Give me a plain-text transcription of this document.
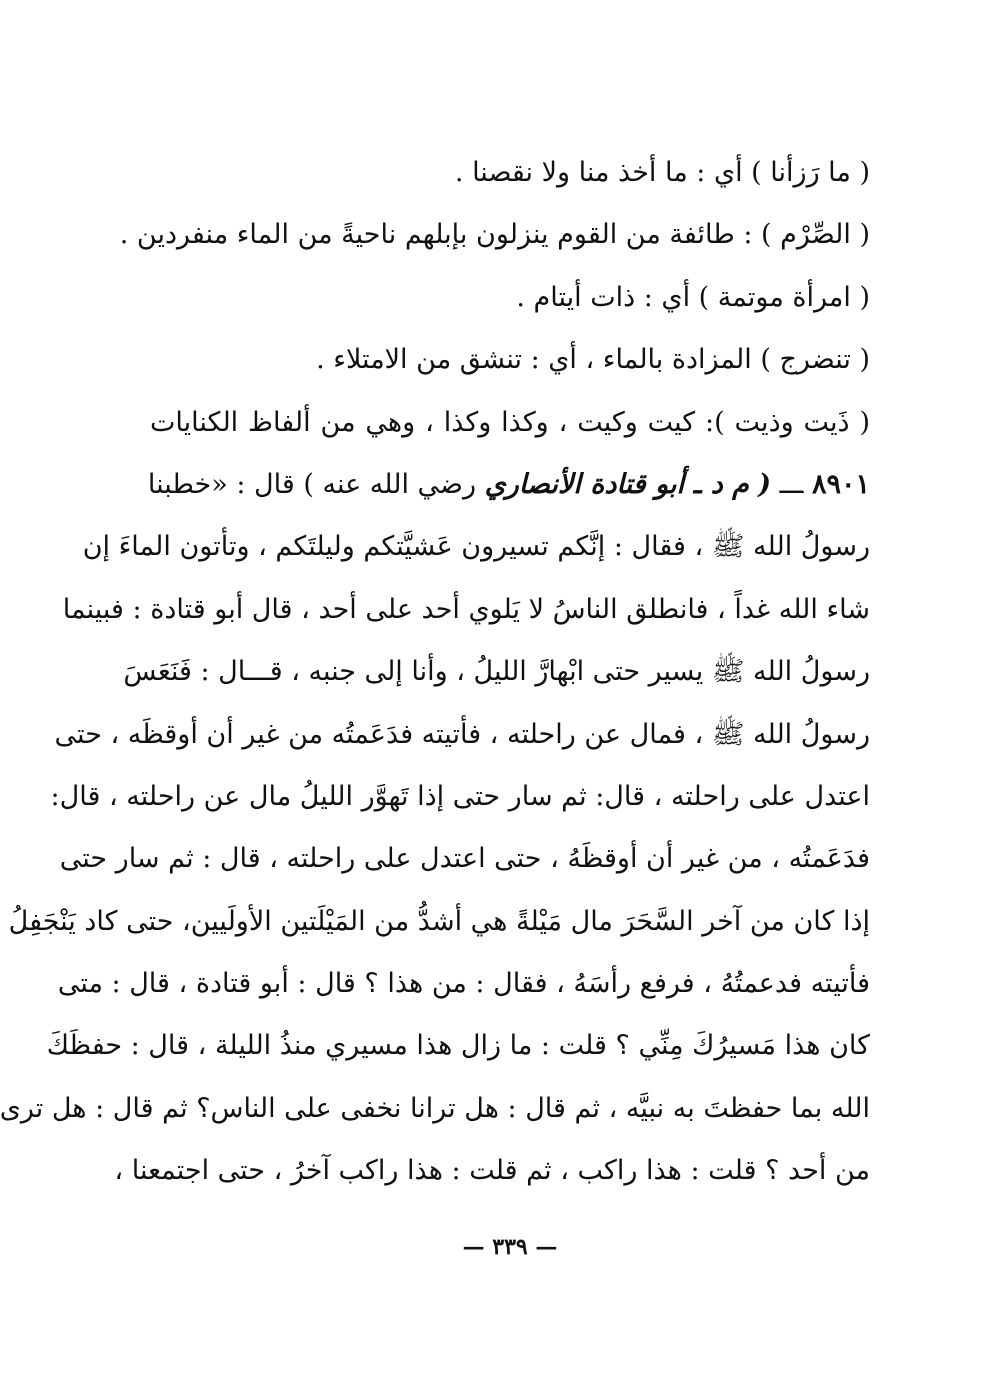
( ما رَزأنا ) أي : ما أخذ منا ولا نقصنا .
( الصِّرْم ) : طائفة من القوم ينزلون بإبلهم ناحيةً من الماء منفردين .
( امرأة موتمة ) أي : ذات أيتام .
( تنضرج ) المزادة بالماء ، أي : تنشق من الامتلاء .
( ذَيت وذيت ): كيت وكيت ، وكذا وكذا ، وهي من ألفاظ الكنايات
٨٩٠١ ـــ ( م د ـ أبو قتادة الأنصاري رضي الله عنه ) قال : «خطبنا
رسولُ الله ﷺ ، فقال : إنَّكم تسيرون عَشيَّتكم وليلتَكم ، وتأتون الماءَ إن
شاء الله غداً ، فانطلق الناسُ لا يَلوي أحد على أحد ، قال أبو قتادة : فبينما
رسولُ الله ﷺ يسير حتى ابْهارَّ الليلُ ، وأنا إلى جنبه ، قـــال : فَنَعَسَ
رسولُ الله ﷺ ، فمال عن راحلته ، فأتيته فدَعَمتُه من غير أن أوقظَه ، حتى
اعتدل على راحلته ، قال: ثم سار حتى إذا تَهوَّر الليلُ مال عن راحلته ، قال:
فدَعَمتُه ، من غير أن أوقظَهُ ، حتى اعتدل على راحلته ، قال : ثم سار حتى
إذا كان من آخر السَّحَرَ مال مَيْلةً هي أشدُّ من المَيْلَتين الأولَيين، حتى كاد يَنْجَفِلُ
فأتيته فدعمتُهُ ، فرفع رأسَهُ ، فقال : من هذا ؟ قال : أبو قتادة ، قال : متى
كان هذا مَسيرُكَ مِنِّي ؟ قلت : ما زال هذا مسيري منذُ الليلة ، قال : حفظَكَ
الله بما حفظتَ به نبيَّه ، ثم قال : هل ترانا نخفى على الناس؟ ثم قال : هل ترى
من أحد ؟ قلت : هذا راكب ، ثم قلت : هذا راكب آخرُ ، حتى اجتمعنا ،
— ٣٣٩ —
